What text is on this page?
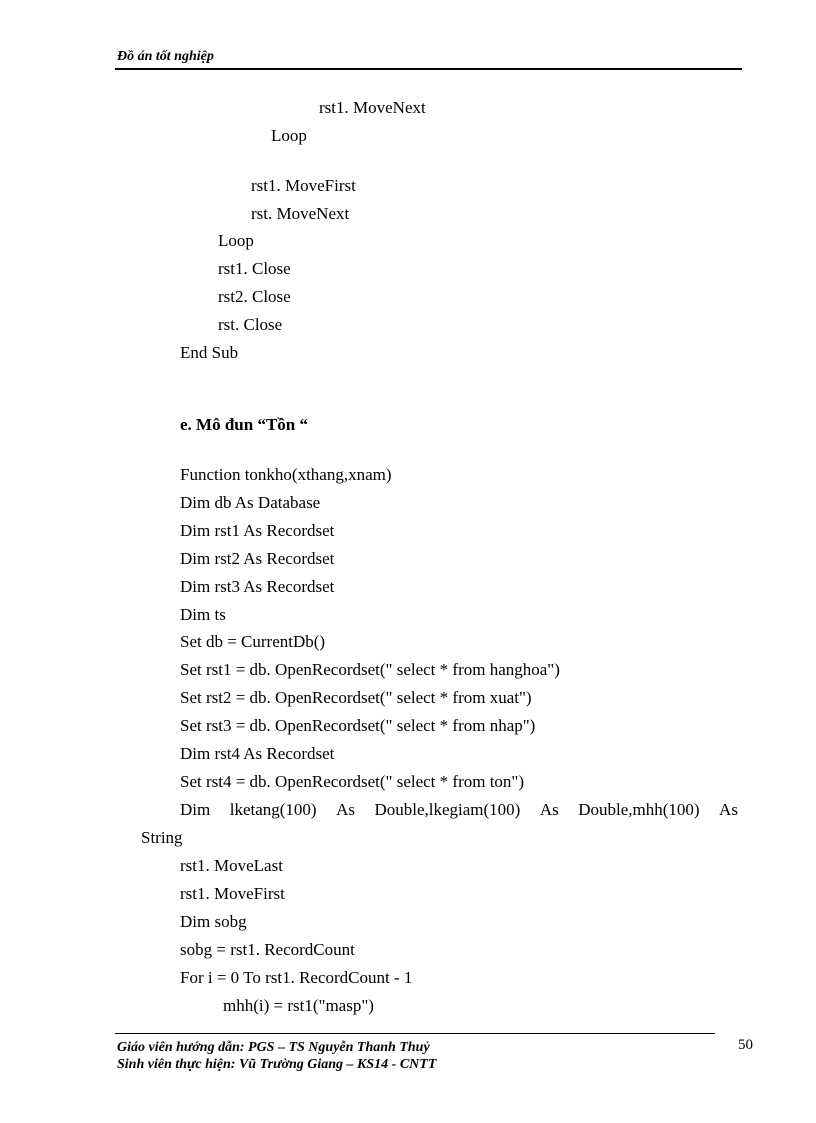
Đồ án tốt nghiệp
rst1. MoveNext
Loop
rst1. MoveFirst
rst. MoveNext
Loop
rst1. Close
rst2. Close
rst. Close
End Sub
e. Mô đun “Tồn “
Function tonkho(xthang,xnam)
Dim db As Database
Dim rst1 As Recordset
Dim rst2 As Recordset
Dim rst3 As Recordset
Dim ts
Set db = CurrentDb()
Set rst1 = db. OpenRecordset(" select * from hanghoa")
Set rst2 = db. OpenRecordset(" select * from xuat")
Set rst3 = db. OpenRecordset(" select * from nhap")
Dim rst4 As Recordset
Set rst4 = db. OpenRecordset(" select * from ton")
Dim lketang(100) As Double,lkegiam(100) As Double,mhh(100) As
String
rst1. MoveLast
rst1. MoveFirst
Dim sobg
sobg = rst1. RecordCount
For i = 0 To rst1. RecordCount - 1
mhh(i) = rst1("masp")
Giáo viên hướng dẫn: PGS – TS Nguyễn Thanh Thuỷ
Sinh viên thực hiện: Vũ Trường Giang – KS14 - CNTT
50
